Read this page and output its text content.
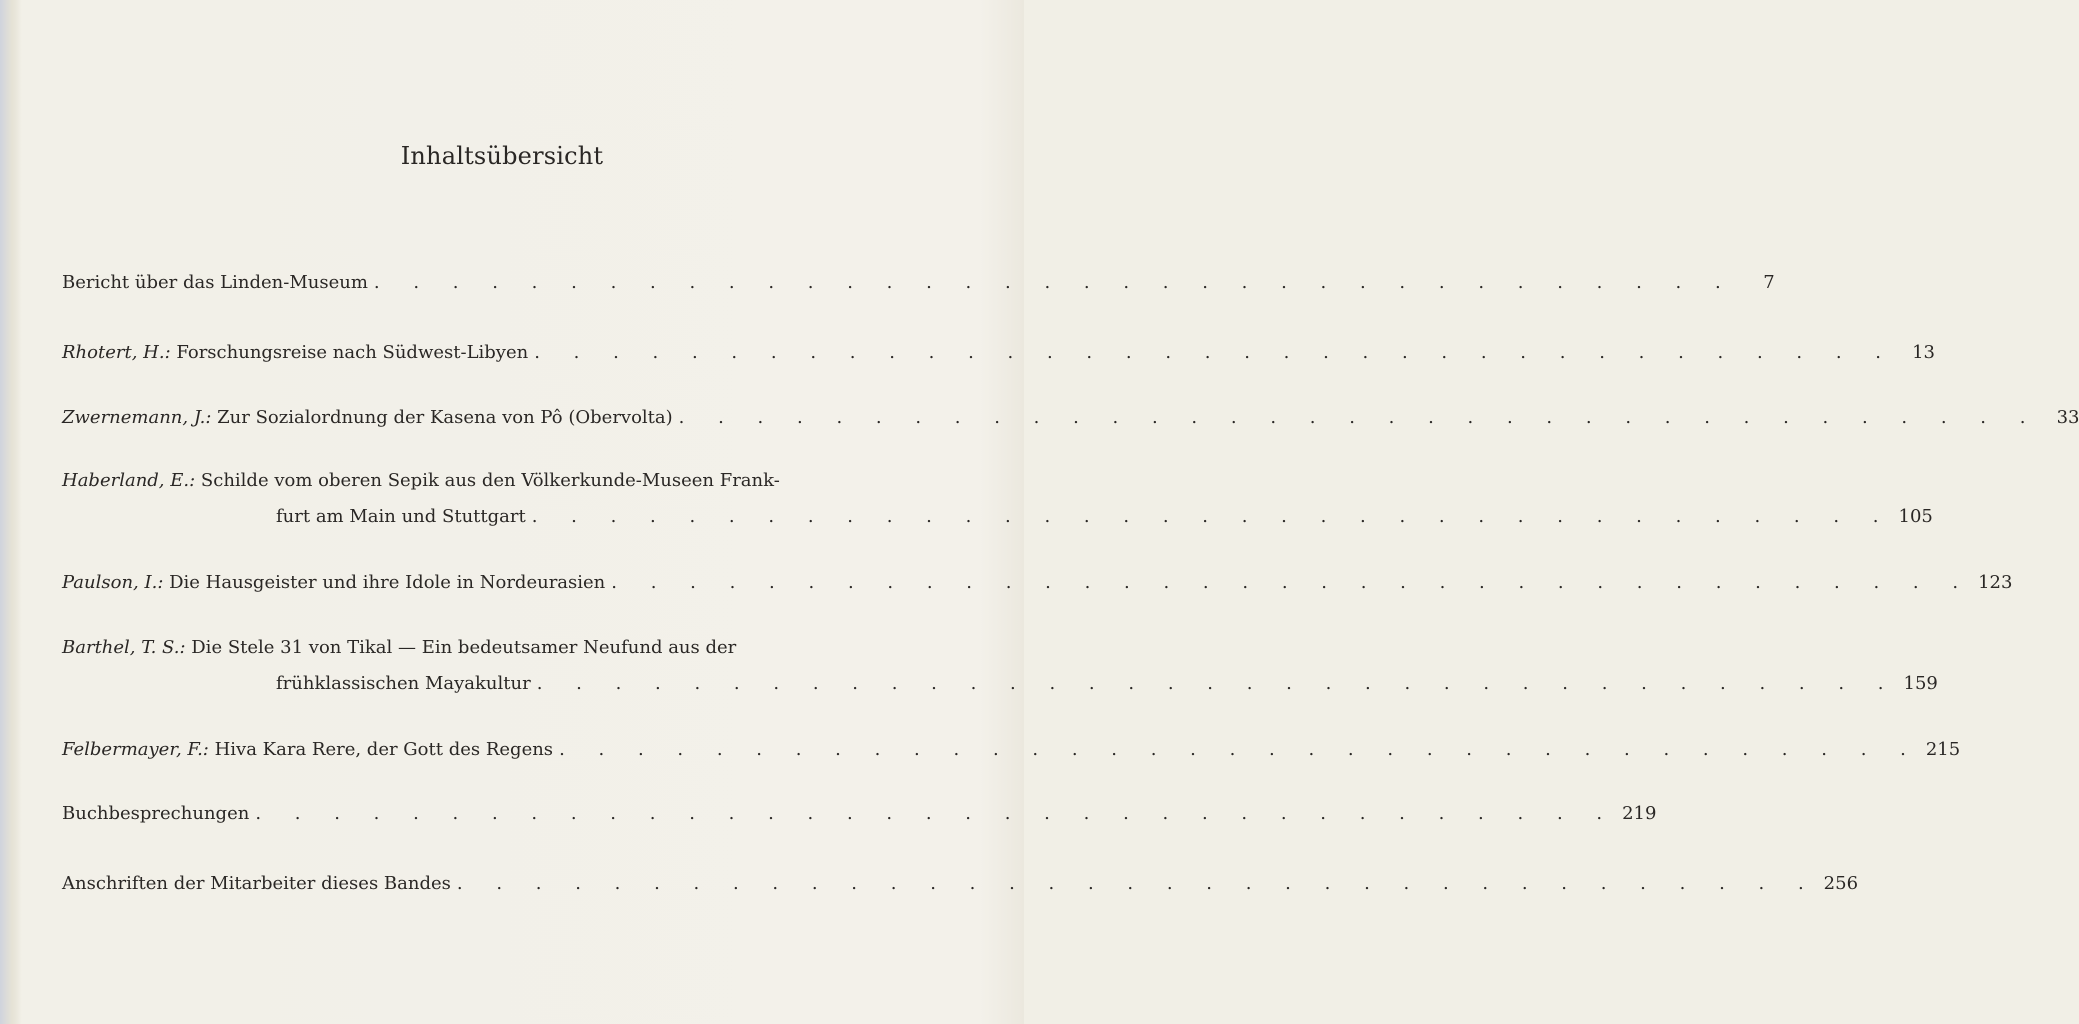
Inhaltsübersicht
Bericht über das Linden-Museum . . . . . . . . . . . . . . . . . . . . . . . . . . . . . . . . . . .	7
Rhotert, H.: Forschungsreise nach Südwest-Libyen . . . . . . . . . . . . . . . . . . . . . . . . . . . . . . . . . . . 13
Zwernemann, J.: Zur Sozialordnung der Kasena von Pô (Obervolta) . . . . . . . . . . . . . . . . . . . . . . . . . . . . . . . . . . . 33
Haberland, E.: Schilde vom oberen Sepik aus den Völkerkunde-Museen Frank-
furt am Main und Stuttgart . . . . . . . . . . . . . . . . . . . . . . . . . . . . . . . . . . . 105
Paulson, I.: Die Hausgeister und ihre Idole in Nordeurasien . . . . . . . . . . . . . . . . . . . . . . . . . . . . . . . . . . . 123
Barthel, T. S.: Die Stele 31 von Tikal — Ein bedeutsamer Neufund aus der
frühklassischen Mayakultur . . . . . . . . . . . . . . . . . . . . . . . . . . . . . . . . . . . 159
Felbermayer, F.: Hiva Kara Rere, der Gott des Regens . . . . . . . . . . . . . . . . . . . . . . . . . . . . . . . . . . . 215
Buchbesprechungen . . . . . . . . . . . . . . . . . . . . . . . . . . . . . . . . . . . 219
Anschriften der Mitarbeiter dieses Bandes . . . . . . . . . . . . . . . . . . . . . . . . . . . . . . . . . . . 256
